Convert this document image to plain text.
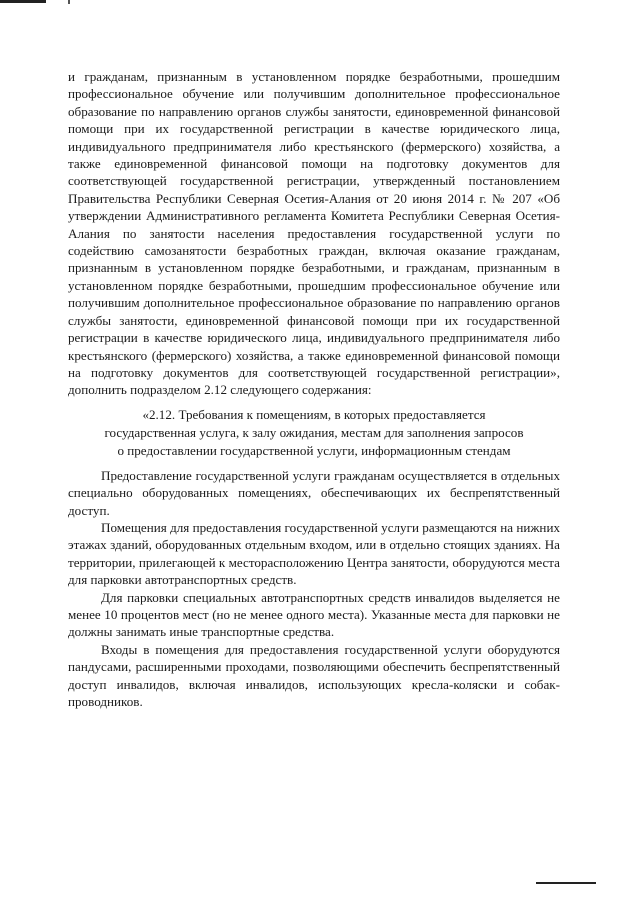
и гражданам, признанным в установленном порядке безработными, прошедшим профессиональное обучение или получившим дополнительное профессиональное образование по направлению органов службы занятости, единовременной финансовой помощи при их государственной регистрации в качестве юридического лица, индивидуального предпринимателя либо крестьянского (фермерского) хозяйства, а также единовременной финансовой помощи на подготовку документов для соответствующей государственной регистрации, утвержденный постановлением Правительства Республики Северная Осетия-Алания от 20 июня 2014 г. № 207 «Об утверждении Административного регламента Комитета Республики Северная Осетия-Алания по занятости населения предоставления государственной услуги по содействию самозанятости безработных граждан, включая оказание гражданам, признанным в установленном порядке безработными, и гражданам, признанным в установленном порядке безработными, прошедшим профессиональное обучение или получившим дополнительное профессиональное образование по направлению органов службы занятости, единовременной финансовой помощи при их государственной регистрации в качестве юридического лица, индивидуального предпринимателя либо крестьянского (фермерского) хозяйства, а также единовременной финансовой помощи на подготовку документов для соответствующей государственной регистрации», дополнить подразделом 2.12 следующего содержания:

«2.12. Требования к помещениям, в которых предоставляется
государственная услуга, к залу ожидания, местам для заполнения запросов
о предоставлении государственной услуги, информационным стендам

Предоставление государственной услуги гражданам осуществляется в отдельных специально оборудованных помещениях, обеспечивающих их беспрепятственный доступ.

Помещения для предоставления государственной услуги размещаются на нижних этажах зданий, оборудованных отдельным входом, или в отдельно стоящих зданиях. На территории, прилегающей к месторасположению Центра занятости, оборудуются места для парковки автотранспортных средств.

Для парковки специальных автотранспортных средств инвалидов выделяется не менее 10 процентов мест (но не менее одного места). Указанные места для парковки не должны занимать иные транспортные средства.

Входы в помещения для предоставления государственной услуги оборудуются пандусами, расширенными проходами, позволяющими обеспечить беспрепятственный доступ инвалидов, включая инвалидов, использующих кресла-коляски и собак-проводников.
